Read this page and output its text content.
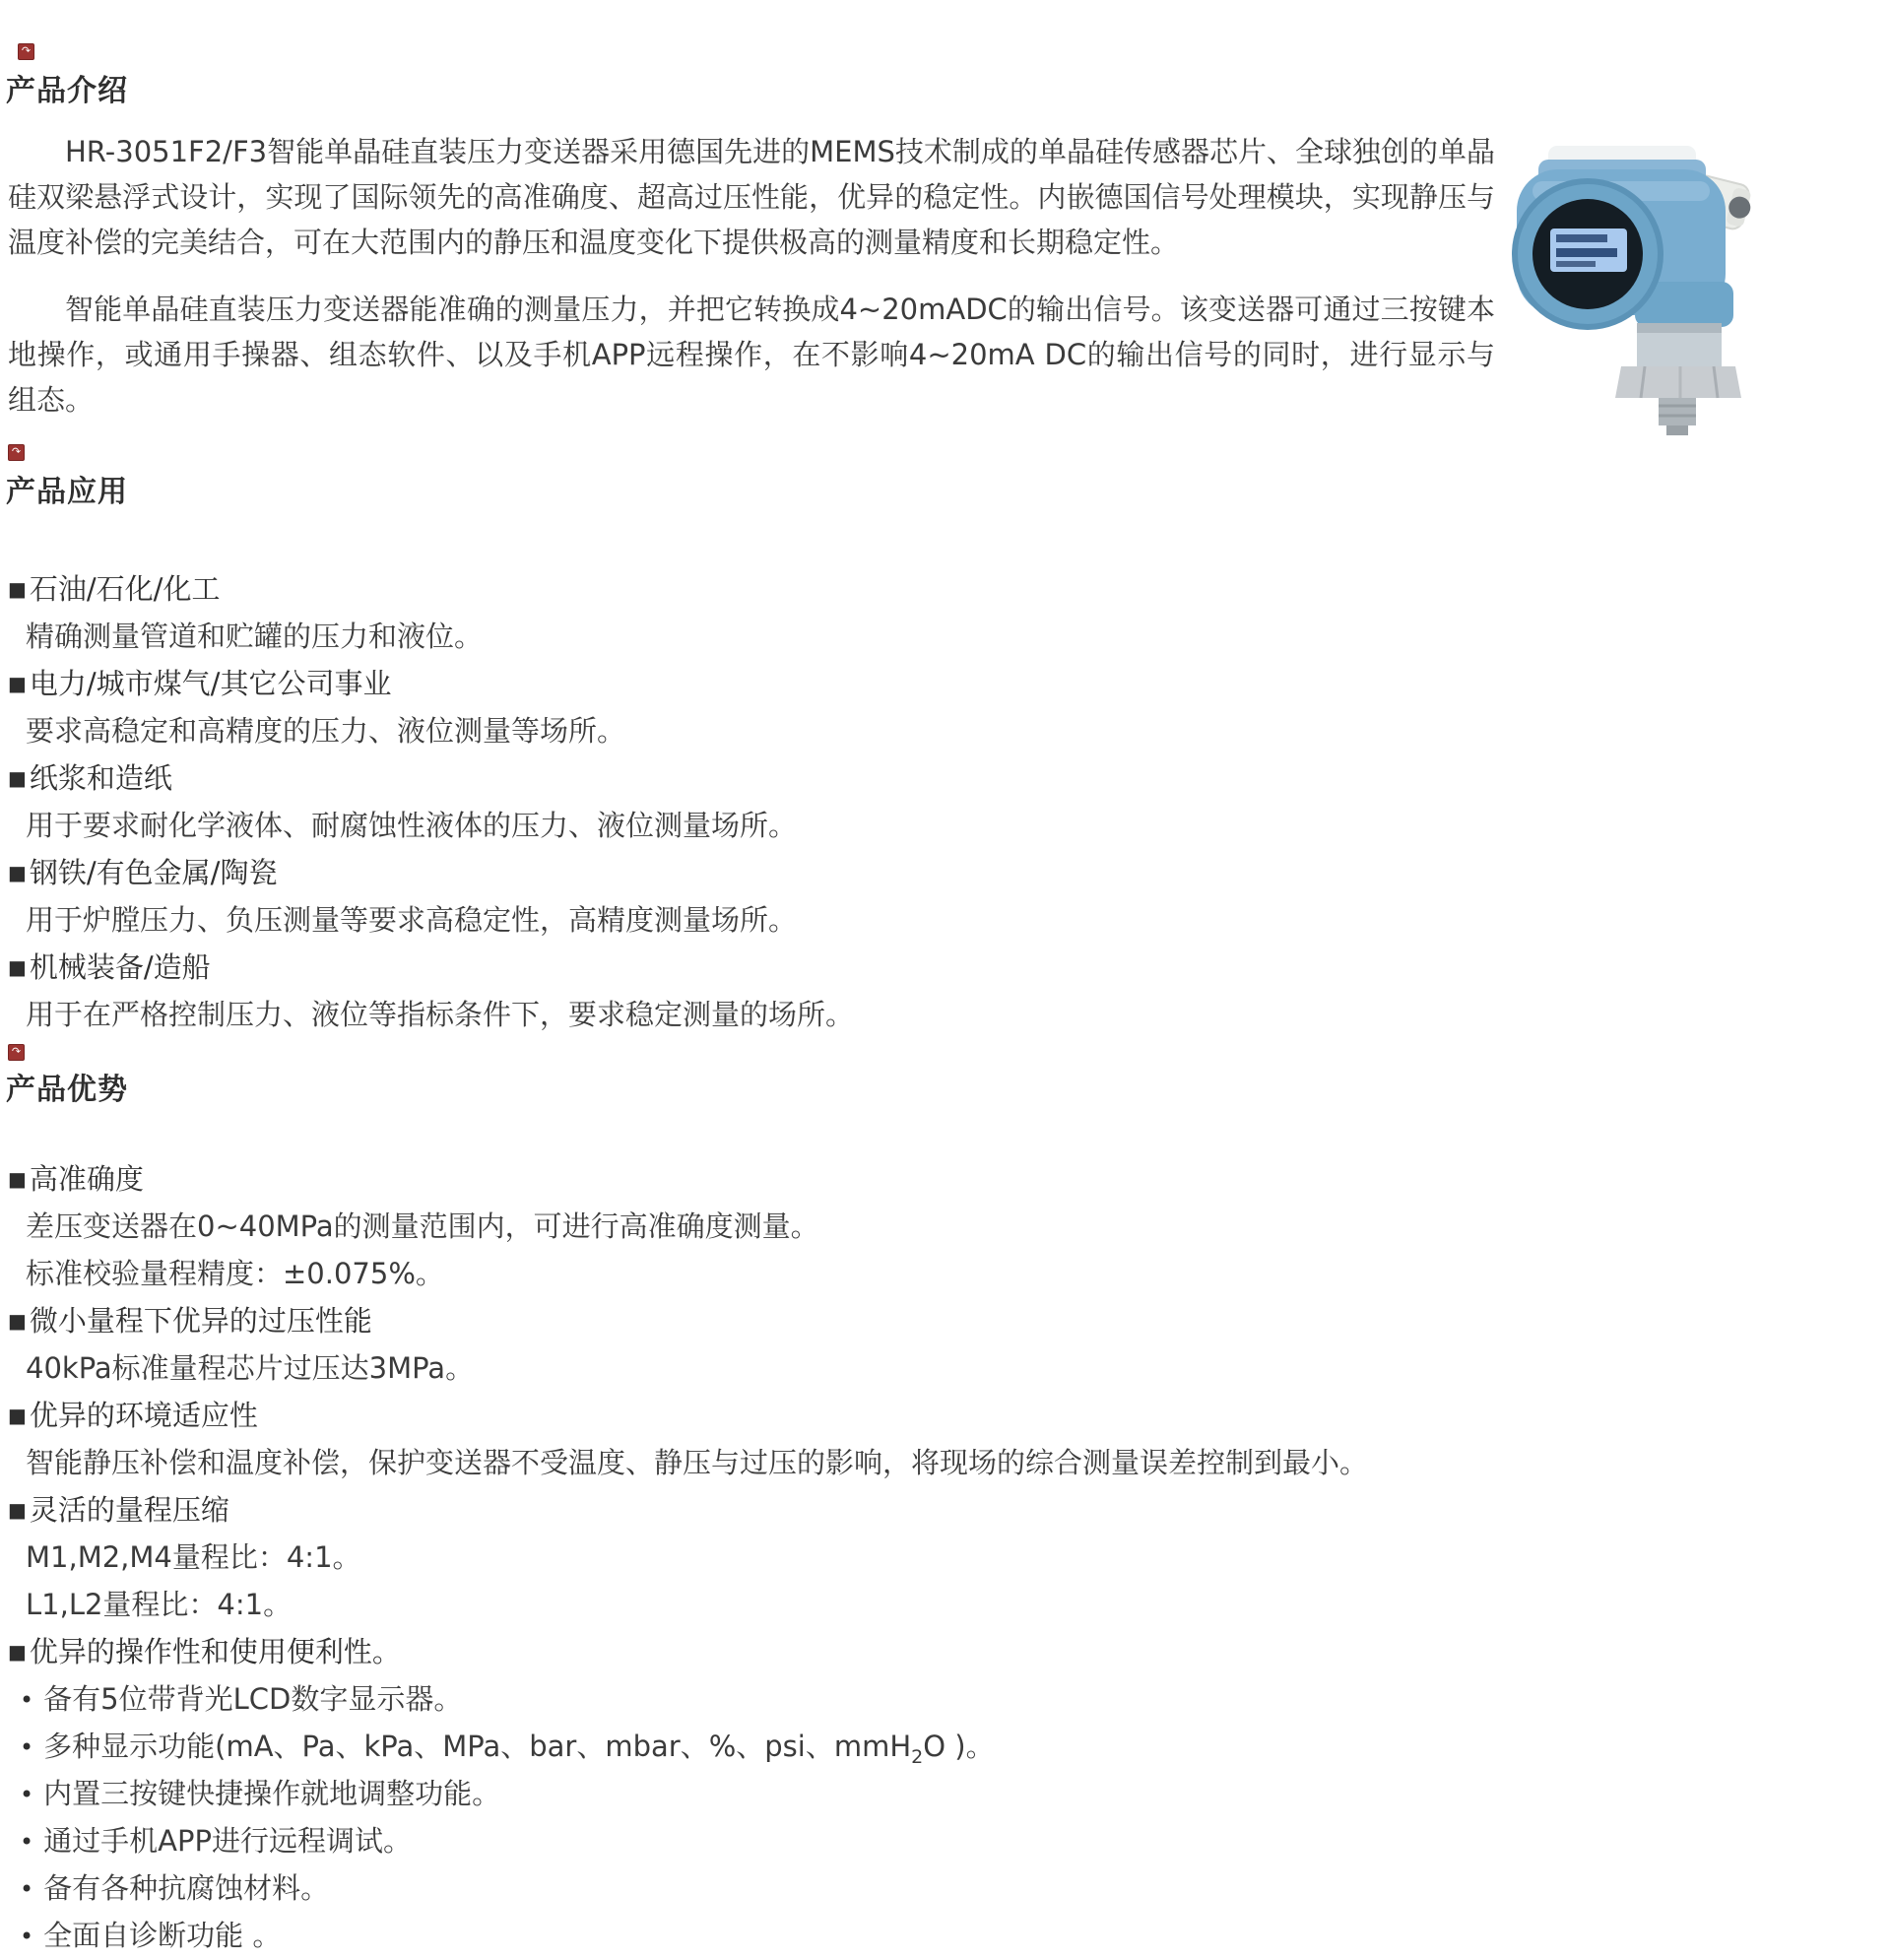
↷
产品介绍

HR-3051F2/F3智能单晶硅直装压力变送器采用德国先进的MEMS技术制成的单晶硅传感器芯片、全球独创的单晶硅双梁悬浮式设计，实现了国际领先的高准确度、超高过压性能，优异的稳定性。内嵌德国信号处理模块，实现静压与温度补偿的完美结合，可在大范围内的静压和温度变化下提供极高的测量精度和长期稳定性。

智能单晶硅直装压力变送器能准确的测量压力，并把它转换成4~20mADC的输出信号。该变送器可通过三按键本地操作，或通用手操器、组态软件、以及手机APP远程操作，在不影响4~20mA DC的输出信号的同时，进行显示与组态。

↷
产品应用
■ 石油/石化/化工
精确测量管道和贮罐的压力和液位。
■ 电力/城市煤气/其它公司事业
要求高稳定和高精度的压力、液位测量等场所。
■ 纸浆和造纸
用于要求耐化学液体、耐腐蚀性液体的压力、液位测量场所。
■ 钢铁/有色金属/陶瓷
用于炉膛压力、负压测量等要求高稳定性，高精度测量场所。
■ 机械装备/造船
用于在严格控制压力、液位等指标条件下，要求稳定测量的场所。
↷
产品优势
■ 高准确度
差压变送器在0~40MPa的测量范围内，可进行高准确度测量。
标准校验量程精度：±0.075%。
■ 微小量程下优异的过压性能
40kPa标准量程芯片过压达3MPa。
■ 优异的环境适应性
智能静压补偿和温度补偿，保护变送器不受温度、静压与过压的影响，将现场的综合测量误差控制到最小。
■ 灵活的量程压缩
M1,M2,M4量程比：4:1。
L1,L2量程比：4:1。
■ 优异的操作性和使用便利性。
• 备有5位带背光LCD数字显示器。
• 多种显示功能(mA、Pa、kPa、MPa、bar、mbar、%、psi、mmH$_2$O )。
• 内置三按键快捷操作就地调整功能。
• 通过手机APP进行远程调试。
• 备有各种抗腐蚀材料。
• 全面自诊断功能 。
